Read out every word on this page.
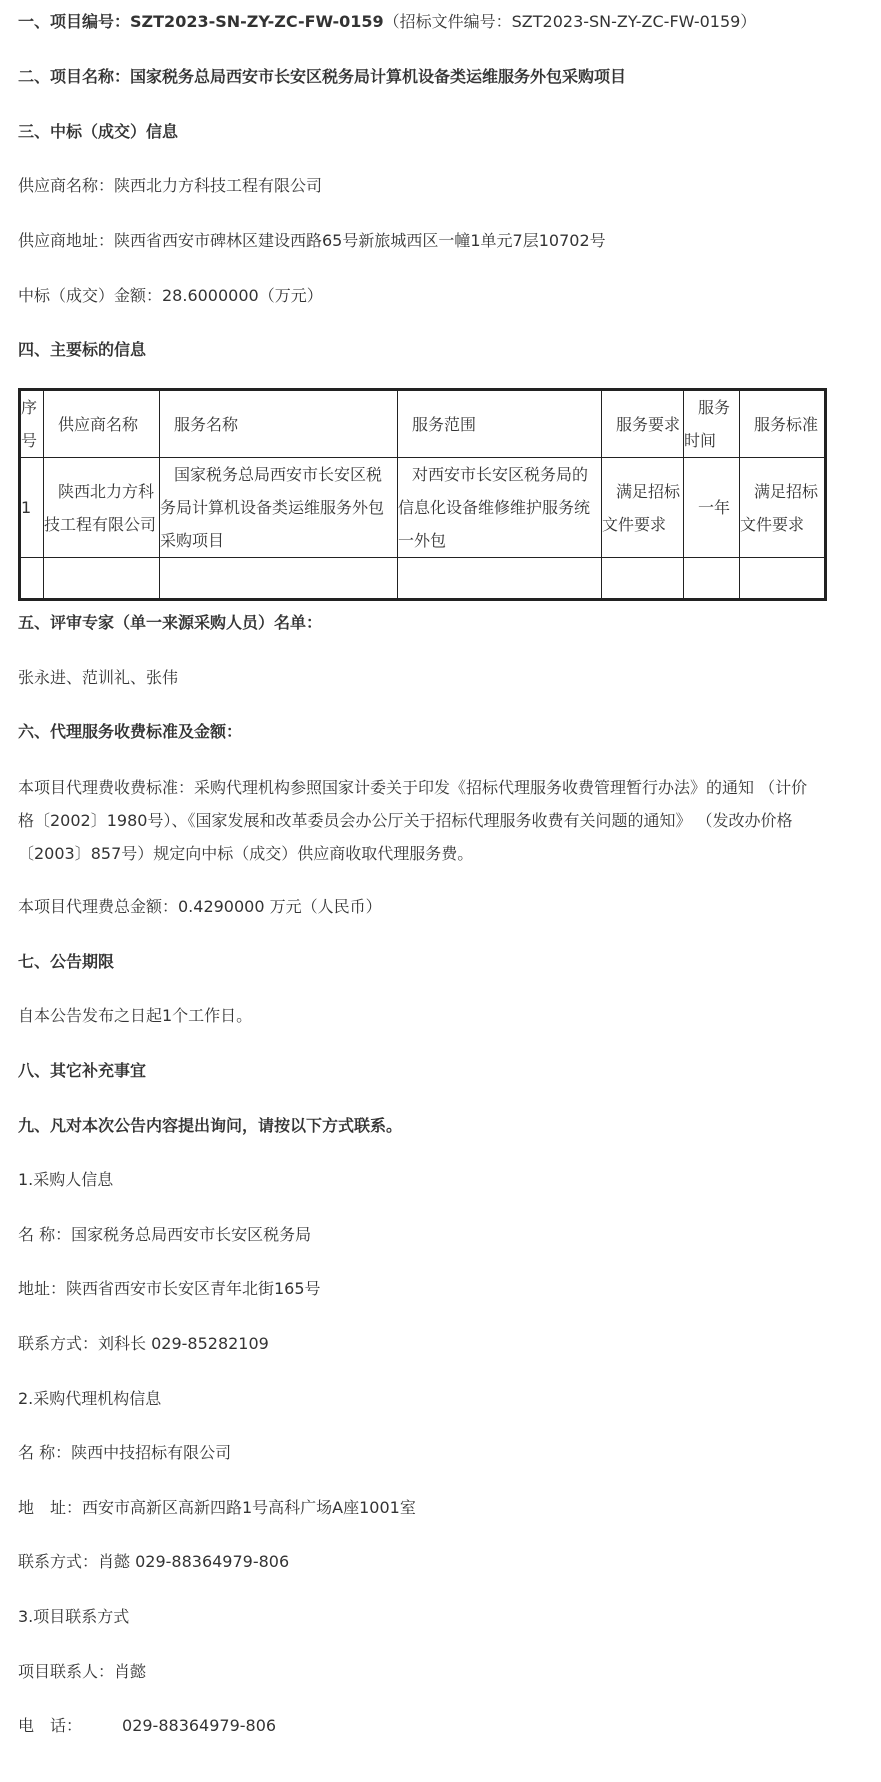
一、项目编号：SZT2023-SN-ZY-ZC-FW-0159（招标文件编号：SZT2023-SN-ZY-ZC-FW-0159）
二、项目名称：国家税务总局西安市长安区税务局计算机设备类运维服务外包采购项目
三、中标（成交）信息
供应商名称：陕西北力方科技工程有限公司
供应商地址：陕西省西安市碑林区建设西路65号新旅城西区一幢1单元7层10702号
中标（成交）金额：28.6000000（万元）
四、主要标的信息
序号	供应商名称	服务名称	服务范围	服务要求	服务时间	服务标准
1	陕西北力方科技工程有限公司	国家税务总局西安市长安区税务局计算机设备类运维服务外包采购项目	对西安市长安区税务局的信息化设备维修维护服务统一外包	满足招标文件要求	一年	满足招标文件要求

五、评审专家（单一来源采购人员）名单：
张永进、范训礼、张伟
六、代理服务收费标准及金额：
本项目代理费收费标准：采购代理机构参照国家计委关于印发《招标代理服务收费管理暂行办法》的通知 （计价格〔2002〕1980号）、《国家发展和改革委员会办公厅关于招标代理服务收费有关问题的通知》 （发改办价格〔2003〕857号）规定向中标（成交）供应商收取代理服务费。
本项目代理费总金额：0.4290000 万元（人民币）
七、公告期限
自本公告发布之日起1个工作日。
八、其它补充事宜
九、凡对本次公告内容提出询问，请按以下方式联系。
1.采购人信息
名 称：国家税务总局西安市长安区税务局
地址：陕西省西安市长安区青年北街165号
联系方式：刘科长 029-85282109
2.采购代理机构信息
名 称：陕西中技招标有限公司
地　址：西安市高新区高新四路1号高科广场A座1001室
联系方式：肖懿 029-88364979-806
3.项目联系方式
项目联系人：肖懿
电　话：	029-88364979-806
